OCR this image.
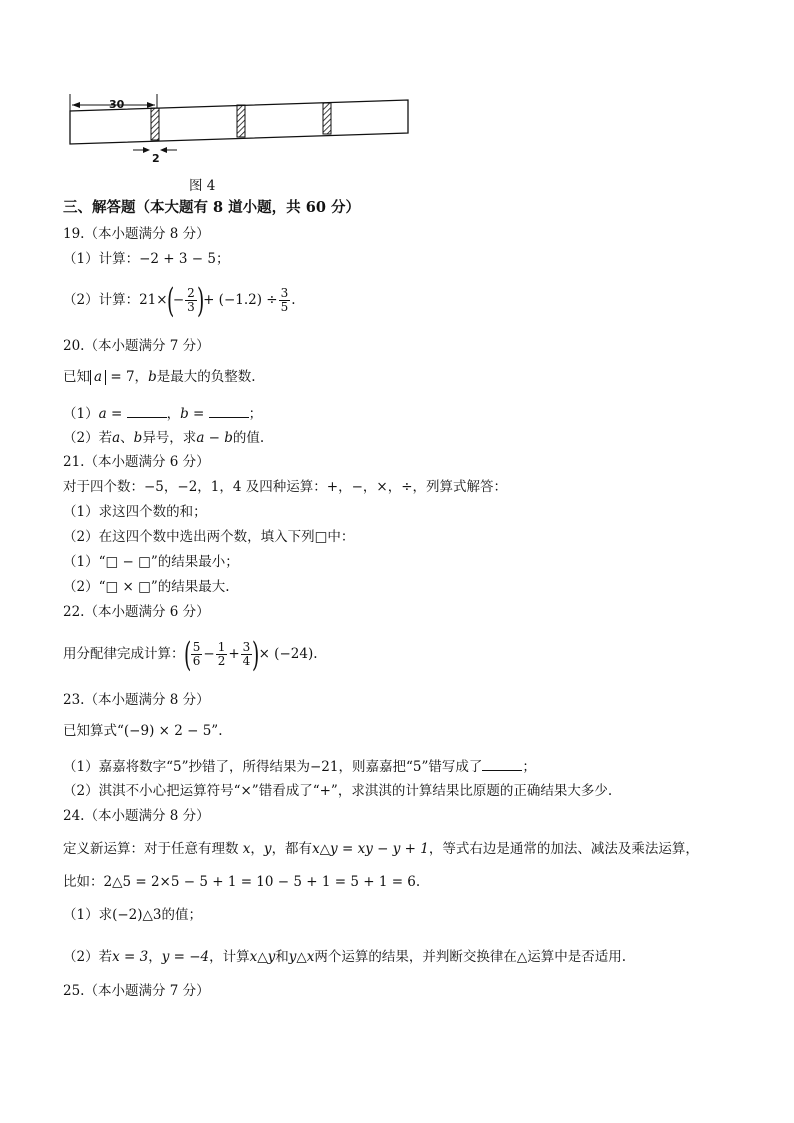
30
2
图 4
三、解答题（本大题有 8 道小题，共 60 分）
19.（本小题满分 8 分）
（1）计算：−2 + 3 − 5；
（2）计算：$21\times(- \frac{2}{3}$ )+ $(-1.2) \div \frac{3}{5}$ .
20.（本小题满分 7 分）
已知 a = 7，b是最大的负整数.
（1）a =	，b =	；
（2）若a、b异号，求a − b的值.
21.（本小题满分 6 分）
对于四个数：−5，−2，1，4 及四种运算：+，−，×，÷，列算式解答：
（1）求这四个数的和；
（2）在这四个数中选出两个数，填入下列□中：
（1）“□ − □”的结果最小；
（2）“□ × □”的结果最大.
22.（本小题满分 6 分）
用分配律完成计算：( $\frac{5}{6} - \frac{1}{2} + \frac{3}{4}$ )× (−24).
23.（本小题满分 8 分）
已知算式“(−9) × 2 − 5”.
（1）嘉嘉将数字“5”抄错了，所得结果为−21，则嘉嘉把“5”错写成了	；
（2）淇淇不小心把运算符号“×”错看成了“+”，求淇淇的计算结果比原题的正确结果大多少.
24.（本小题满分 8 分）
定义新运算：对于任意有理数 x，y，都有x△y = xy − y + 1，等式右边是通常的加法、减法及乘法运算，
比如：2△5 = 2×5 − 5 + 1 = 10 − 5 + 1 = 5 + 1 = 6.
（1）求(−2)△3的值；
（2）若x = 3，y = −4，计算x△y和y△x两个运算的结果，并判断交换律在△运算中是否适用.
25.（本小题满分 7 分）
